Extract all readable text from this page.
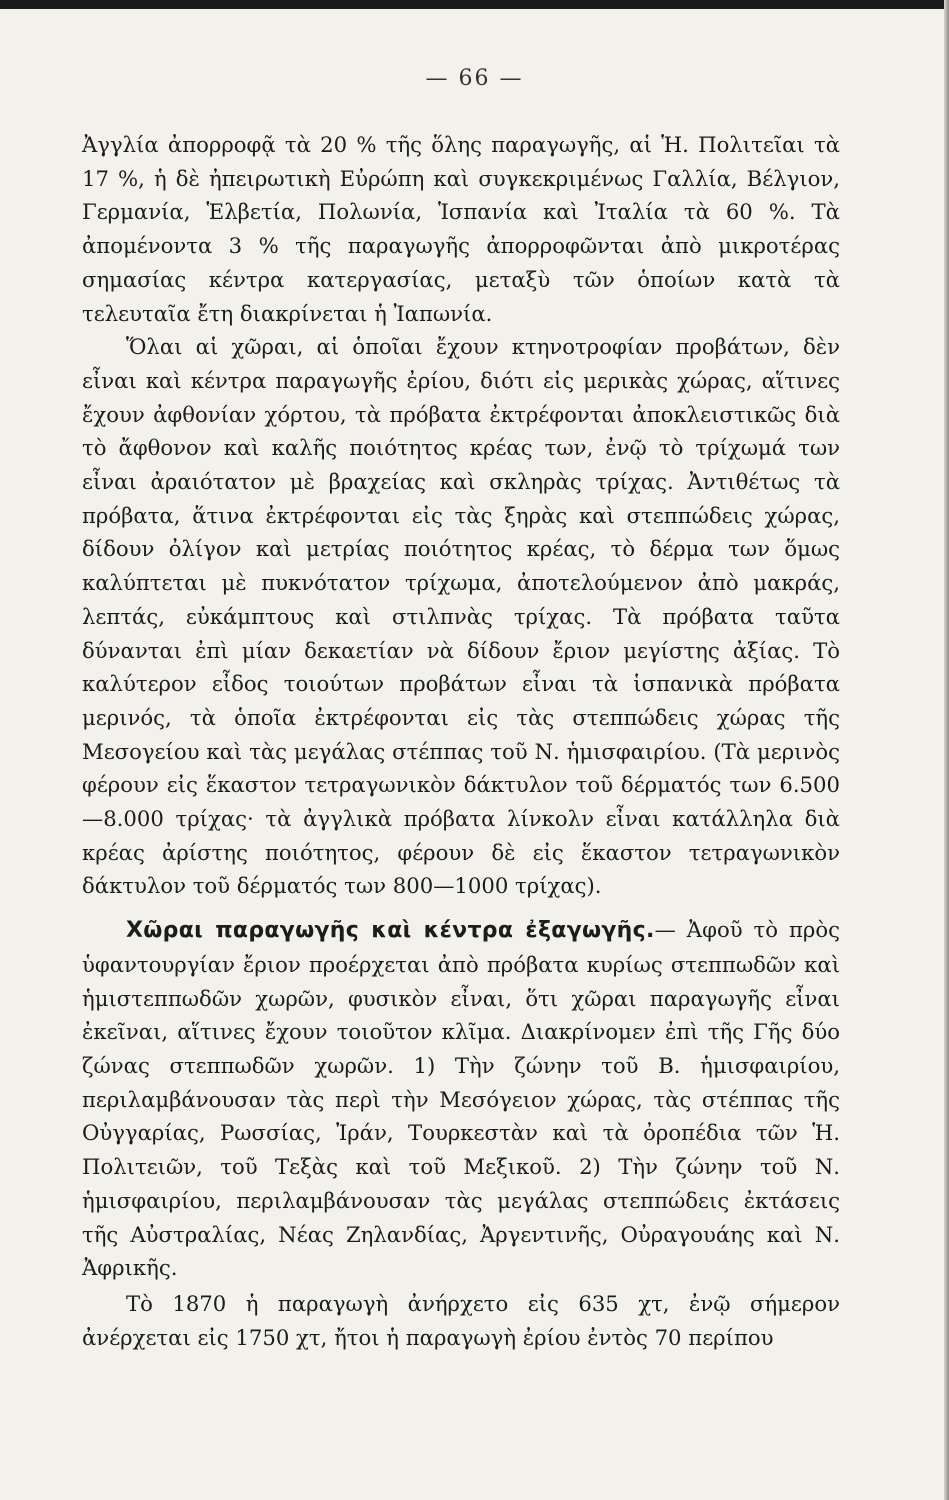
— 66 —

Ἀγγλία ἀπορροφᾷ τὰ 20 % τῆς ὅλης παραγωγῆς, αἱ Ἡ. Πολιτεῖαι τὰ 17 %, ἡ δὲ ἠπειρωτικὴ Εὐρώπη καὶ συγκεκριμένως Γαλλία, Βέλγιον, Γερμανία, Ἑλβετία, Πολωνία, Ἱσπανία καὶ Ἰταλία τὰ 60 %. Τὰ ἀπομένοντα 3 % τῆς παραγωγῆς ἀπορροφῶνται ἀπὸ μικροτέρας σημασίας κέντρα κατεργασίας, μεταξὺ τῶν ὁποίων κατὰ τὰ τελευταῖα ἔτη διακρίνεται ἡ Ἰαπωνία.

Ὅλαι αἱ χῶραι, αἱ ὁποῖαι ἔχουν κτηνοτροφίαν προβάτων, δὲν εἶναι καὶ κέντρα παραγωγῆς ἐρίου, διότι εἰς μερικὰς χώρας, αἵτινες ἔχουν ἀφθονίαν χόρτου, τὰ πρόβατα ἐκτρέφονται ἀποκλειστικῶς διὰ τὸ ἄφθονον καὶ καλῆς ποιότητος κρέας των, ἐνῷ τὸ τρίχωμά των εἶναι ἀραιότατον μὲ βραχείας καὶ σκληρὰς τρίχας. Ἀντιθέτως τὰ πρόβατα, ἅτινα ἐκτρέφονται εἰς τὰς ξηρὰς καὶ στεππώδεις χώρας, δίδουν ὀλίγον καὶ μετρίας ποιότητος κρέας, τὸ δέρμα των ὅμως καλύπτεται μὲ πυκνότατον τρίχωμα, ἀποτελούμενον ἀπὸ μακράς, λεπτάς, εὐκάμπτους καὶ στιλπνὰς τρίχας. Τὰ πρόβατα ταῦτα δύνανται ἐπὶ μίαν δεκαετίαν νὰ δίδουν ἔριον μεγίστης ἀξίας. Τὸ καλύτερον εἶδος τοιούτων προβάτων εἶναι τὰ ἱσπανικὰ πρόβατα μερινός, τὰ ὁποῖα ἐκτρέφονται εἰς τὰς στεππώδεις χώρας τῆς Μεσογείου καὶ τὰς μεγάλας στέππας τοῦ Ν. ἡμισφαιρίου. (Τὰ μερινὸς φέρουν εἰς ἕκαστον τετραγωνικὸν δάκτυλον τοῦ δέρματός των 6.500—8.000 τρίχας· τὰ ἀγγλικὰ πρόβατα λίνκολν εἶναι κατάλληλα διὰ κρέας ἀρίστης ποιότητος, φέρουν δὲ εἰς ἕκαστον τετραγωνικὸν δάκτυλον τοῦ δέρματός των 800—1000 τρίχας).

Χῶραι παραγωγῆς καὶ κέντρα ἐξαγωγῆς.— Ἀφοῦ τὸ πρὸς ὑφαντουργίαν ἔριον προέρχεται ἀπὸ πρόβατα κυρίως στεππωδῶν καὶ ἡμιστεππωδῶν χωρῶν, φυσικὸν εἶναι, ὅτι χῶραι παραγωγῆς εἶναι ἐκεῖναι, αἵτινες ἔχουν τοιοῦτον κλῖμα. Διακρίνομεν ἐπὶ τῆς Γῆς δύο ζώνας στεππωδῶν χωρῶν. 1) Τὴν ζώνην τοῦ Β. ἡμισφαιρίου, περιλαμβάνουσαν τὰς περὶ τὴν Μεσόγειον χώρας, τὰς στέππας τῆς Οὐγγαρίας, Ρωσσίας, Ἰράν, Τουρκεστὰν καὶ τὰ ὀροπέδια τῶν Ἡ. Πολιτειῶν, τοῦ Τεξὰς καὶ τοῦ Μεξικοῦ. 2) Τὴν ζώνην τοῦ Ν. ἡμισφαιρίου, περιλαμβάνουσαν τὰς μεγάλας στεππώδεις ἐκτάσεις τῆς Αὐστραλίας, Νέας Ζηλανδίας, Ἀργεντινῆς, Οὐραγουάης καὶ Ν. Ἀφρικῆς.

Τὸ 1870 ἡ παραγωγὴ ἀνήρχετο εἰς 635 χτ, ἐνῷ σήμερον ἀνέρχεται εἰς 1750 χτ, ἤτοι ἡ παραγωγὴ ἐρίου ἐντὸς 70 περίπου
